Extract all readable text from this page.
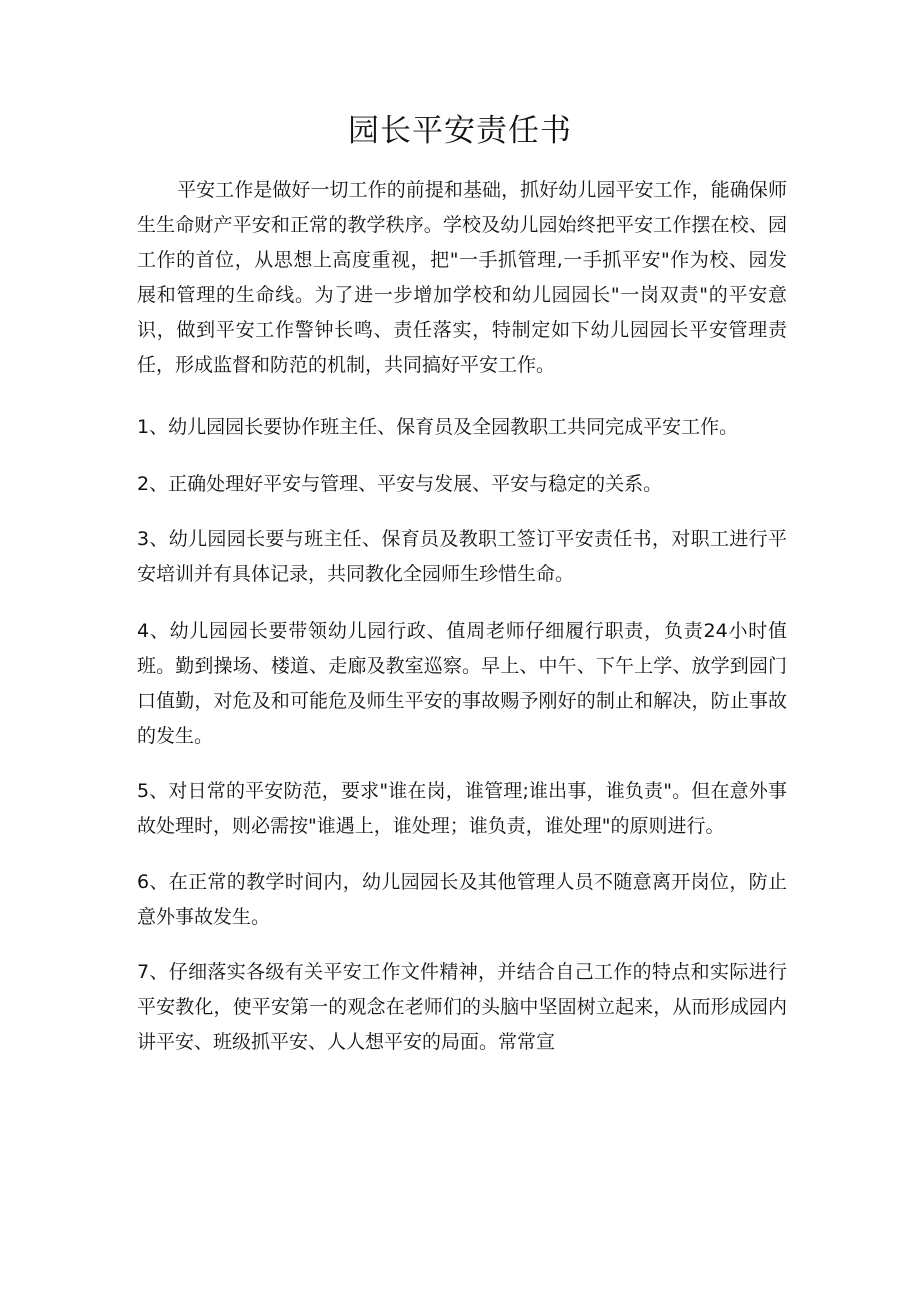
园长平安责任书

平安工作是做好一切工作的前提和基础，抓好幼儿园平安工作，能确保师生生命财产平安和正常的教学秩序。学校及幼儿园始终把平安工作摆在校、园工作的首位，从思想上高度重视，把"一手抓管理,一手抓平安"作为校、园发展和管理的生命线。为了进一步增加学校和幼儿园园长"一岗双责"的平安意识，做到平安工作警钟长鸣、责任落实，特制定如下幼儿园园长平安管理责任，形成监督和防范的机制，共同搞好平安工作。

1、幼儿园园长要协作班主任、保育员及全园教职工共同完成平安工作。

2、正确处理好平安与管理、平安与发展、平安与稳定的关系。

3、幼儿园园长要与班主任、保育员及教职工签订平安责任书，对职工进行平安培训并有具体记录，共同教化全园师生珍惜生命。

4、幼儿园园长要带领幼儿园行政、值周老师仔细履行职责，负责24小时值班。勤到操场、楼道、走廊及教室巡察。早上、中午、下午上学、放学到园门口值勤，对危及和可能危及师生平安的事故赐予刚好的制止和解决，防止事故的发生。

5、对日常的平安防范，要求"谁在岗，谁管理;谁出事，谁负责"。但在意外事故处理时，则必需按"谁遇上，谁处理；谁负责，谁处理"的原则进行。

6、在正常的教学时间内，幼儿园园长及其他管理人员不随意离开岗位，防止意外事故发生。

7、仔细落实各级有关平安工作文件精神，并结合自己工作的特点和实际进行平安教化，使平安第一的观念在老师们的头脑中坚固树立起来，从而形成园内讲平安、班级抓平安、人人想平安的局面。常常宣
